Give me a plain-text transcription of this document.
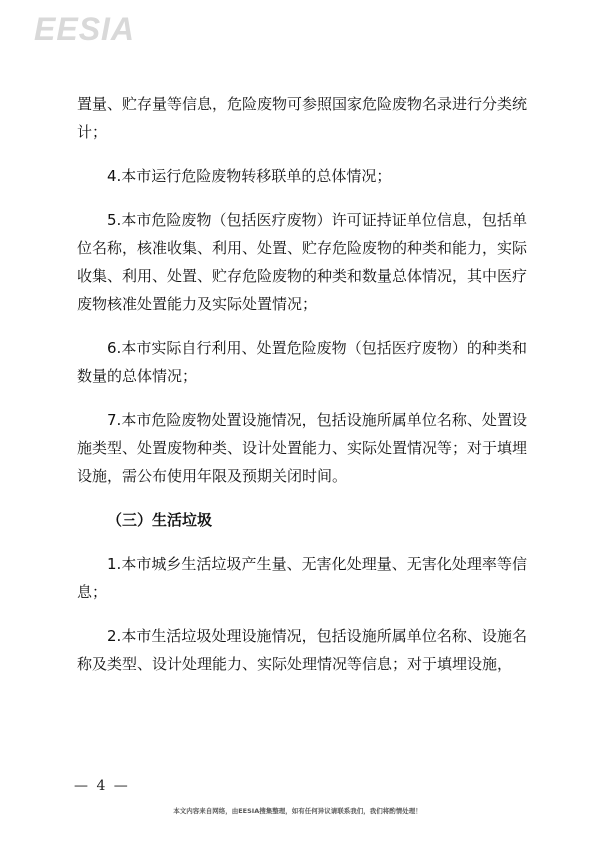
EESIA

置量、贮存量等信息，危险废物可参照国家危险废物名录进行分类统计；

4.本市运行危险废物转移联单的总体情况；

5.本市危险废物（包括医疗废物）许可证持证单位信息，包括单位名称，核准收集、利用、处置、贮存危险废物的种类和能力，实际收集、利用、处置、贮存危险废物的种类和数量总体情况，其中医疗废物核准处置能力及实际处置情况；

6.本市实际自行利用、处置危险废物（包括医疗废物）的种类和数量的总体情况；

7.本市危险废物处置设施情况，包括设施所属单位名称、处置设施类型、处置废物种类、设计处置能力、实际处置情况等；对于填埋设施，需公布使用年限及预期关闭时间。

（三）生活垃圾

1.本市城乡生活垃圾产生量、无害化处理量、无害化处理率等信息；

2.本市生活垃圾处理设施情况，包括设施所属单位名称、设施名称及类型、设计处理能力、实际处理情况等信息；对于填埋设施，

— 4 —
本文内容来自网络，由EESIA搜集整理，如有任何异议请联系我们，我们将酌情处理！
